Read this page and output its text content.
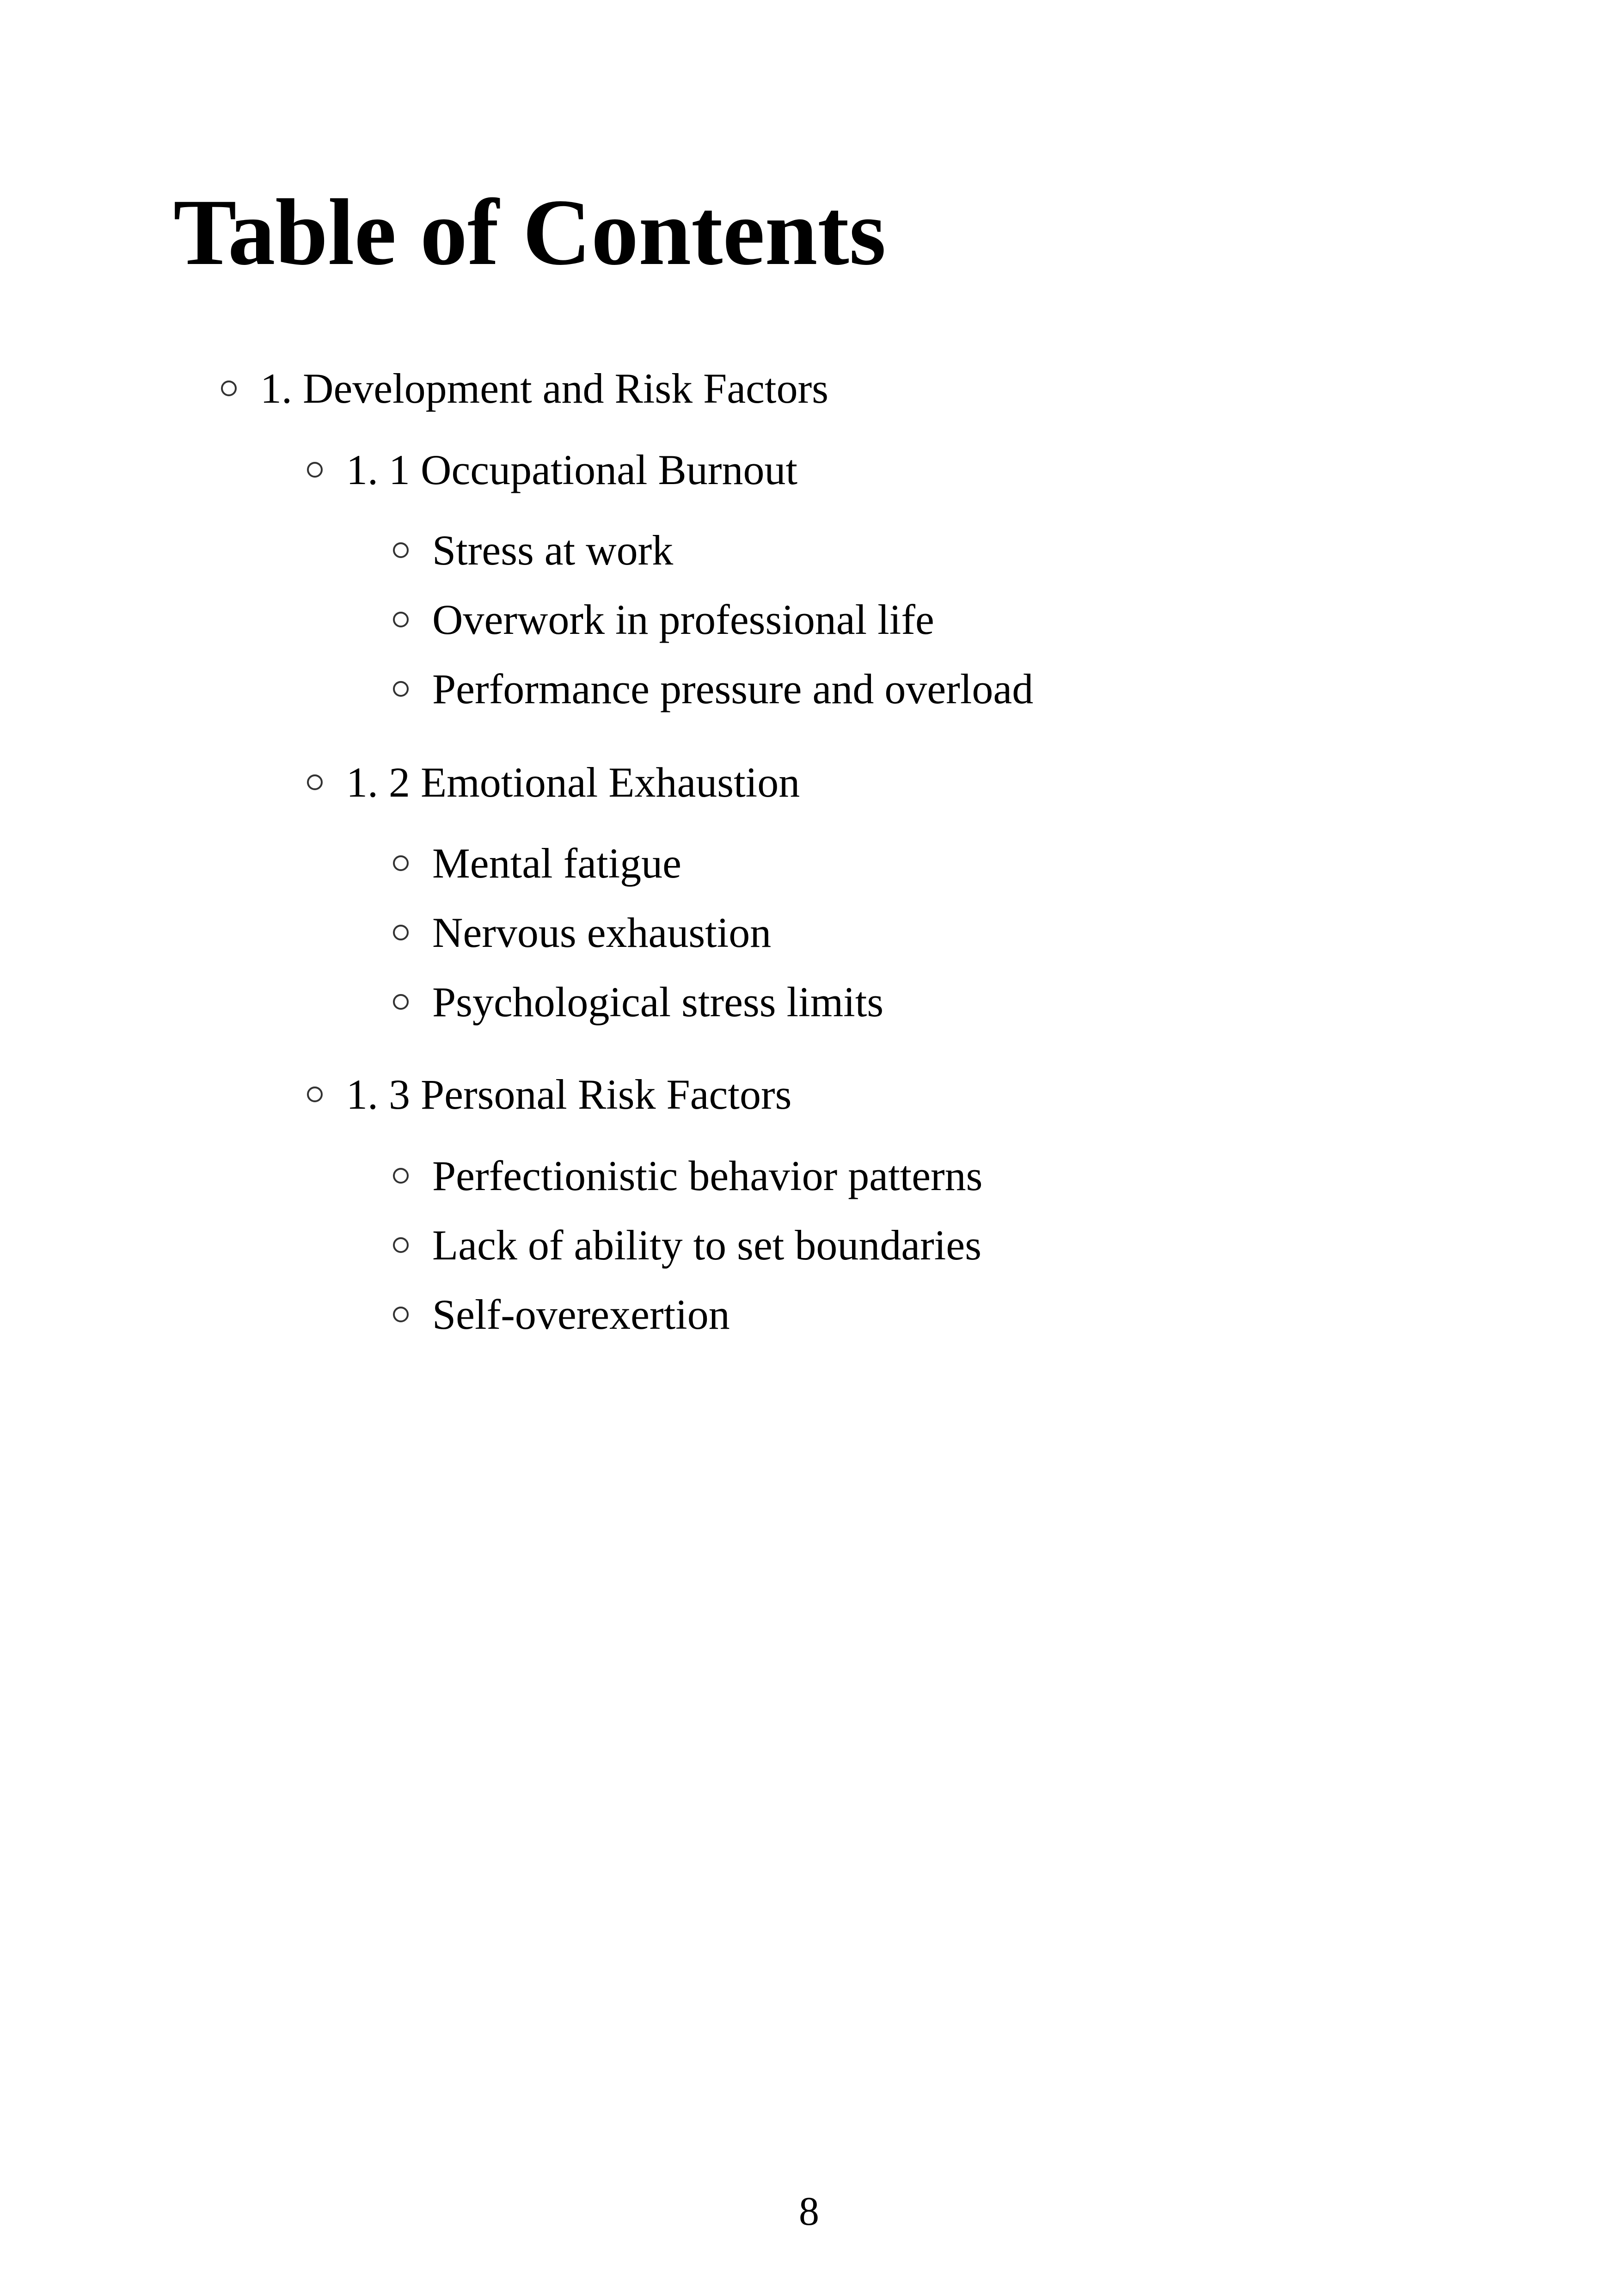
Table of Contents
1. Development and Risk Factors
1. 1 Occupational Burnout
Stress at work
Overwork in professional life
Performance pressure and overload
1. 2 Emotional Exhaustion
Mental fatigue
Nervous exhaustion
Psychological stress limits
1. 3 Personal Risk Factors
Perfectionistic behavior patterns
Lack of ability to set boundaries
Self-overexertion
8
